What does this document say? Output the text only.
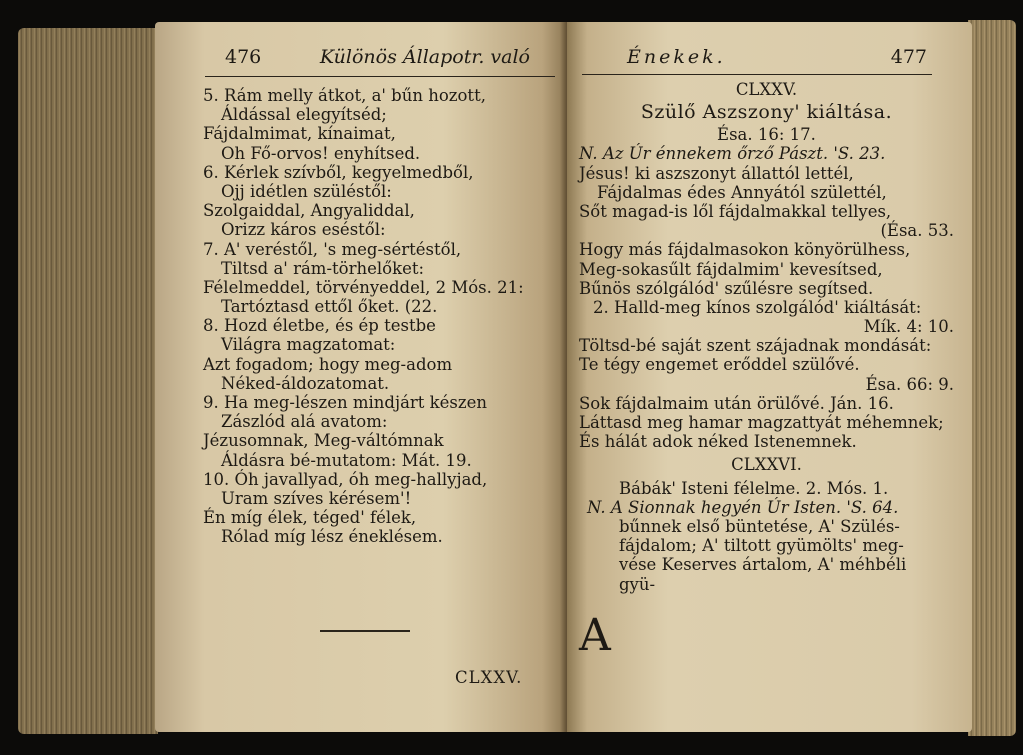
476	Különös Állapotr. való
5. Rám melly átkot, a' bűn hozott,
Áldással elegyítséd;
Fájdalmimat, kínaimat,
Oh Fő-orvos! enyhítsed.
6. Kérlek szívből, kegyelmedből,
Ojj idétlen szüléstől:
Szolgaiddal, Angyaliddal,
Orizz káros eséstől:
7. A' veréstől, 's meg-sértéstől,
Tiltsd a' rám-törhelőket:
Félelmeddel, törvényeddel, 2 Mós. 21:
Tartóztasd ettől őket. (22.
8. Hozd életbe, és ép testbe
Világra magzatomat:
Azt fogadom; hogy meg-adom
Néked-áldozatomat.
9. Ha meg-lészen mindjárt készen
Zászlód alá avatom:
Jézusomnak, Meg-váltómnak
Áldásra bé-mutatom: Mát. 19.
10. Óh javallyad, óh meg-hallyjad,
Uram szíves kérésem'!
Én míg élek, téged' félek,
Rólad míg lész éneklésem.
CLXXV.
Énekek.	477
CLXXV.
Szülő Aszszony' kiáltása.
Ésa. 16: 17.
N. Az Úr énnekem őrző Pászt. 'S. 23.
Jésus! ki aszszonyt állattól lettél,
Fájdalmas édes Annyától születtél,
Sőt magad-is lől fájdalmakkal tellyes,
(Ésa. 53.
Hogy más fájdalmasokon könyörülhess,
Meg-sokasűlt fájdalmim' kevesítsed,
Bűnös szólgálód' szűlésre segítsed.
2. Halld-meg kínos szolgálód' kiáltását:
Mík. 4: 10.
Töltsd-bé saját szent szájadnak mondását:
Te tégy engemet erőddel szülővé.
Ésa. 66: 9.
Sok fájdalmaim után örülővé. Ján. 16.
Láttasd meg hamar magzattyát méhemnek;
És hálát adok néked Istenemnek.
CLXXVI.
Bábák' Isteni félelme. 2. Mós. 1.
N. A Sionnak hegyén Úr Isten. 'S. 64.
bűnnek első büntetése, A' Szülés-
fájdalom; A' tiltott gyümölts' meg-
vése Keserves ártalom, A' méhbéli
gyü-
A
